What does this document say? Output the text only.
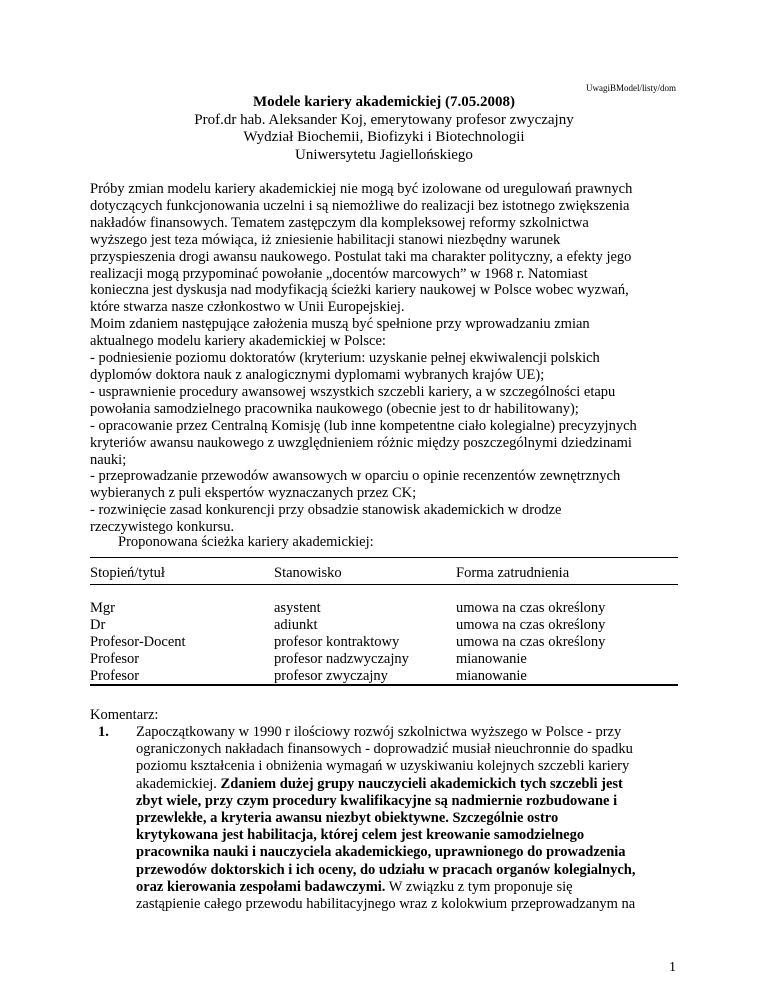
UwagiBModel/listy/dom
Modele kariery akademickiej (7.05.2008)
Prof.dr hab. Aleksander Koj, emerytowany profesor zwyczajny
Wydział Biochemii, Biofizyki i Biotechnologii
Uniwersytetu Jagiellońskiego

Próby zmian modelu kariery akademickiej nie mogą być izolowane od uregulowań prawnych

dotyczących funkcjonowania uczelni i są niemożliwe do realizacji bez istotnego zwiększenia

nakładów finansowych. Tematem zastępczym dla kompleksowej reformy szkolnictwa

wyższego jest teza mówiąca, iż zniesienie habilitacji stanowi niezbędny warunek

przyspieszenia drogi awansu naukowego. Postulat taki ma charakter polityczny, a efekty jego

realizacji mogą przypominać powołanie „docentów marcowych” w 1968 r. Natomiast

konieczna jest dyskusja nad modyfikacją ścieżki kariery naukowej w Polsce wobec wyzwań,

które stwarza nasze członkostwo w Unii Europejskiej.

Moim zdaniem następujące założenia muszą być spełnione przy wprowadzaniu zmian

aktualnego modelu kariery akademickiej w Polsce:

- podniesienie poziomu doktoratów (kryterium: uzyskanie pełnej ekwiwalencji polskich

dyplomów doktora nauk z analogicznymi dyplomami wybranych krajów UE);

- usprawnienie procedury awansowej wszystkich szczebli kariery, a w szczególności etapu

powołania samodzielnego pracownika naukowego (obecnie jest to dr habilitowany);

- opracowanie przez Centralną Komisję (lub inne kompetentne ciało kolegialne) precyzyjnych

kryteriów awansu naukowego z uwzględnieniem różnic między poszczególnymi dziedzinami

nauki;

- przeprowadzanie przewodów awansowych w oparciu o opinie recenzentów zewnętrznych

wybieranych z puli ekspertów wyznaczanych przez CK;

- rozwinięcie zasad konkurencji przy obsadzie stanowisk akademickich w drodze

rzeczywistego konkursu.

Proponowana ścieżka kariery akademickiej:
Stopień/tytuł	Stanowisko	Forma zatrudnienia
Mgr	asystent	umowa na czas określony
Dr	adiunkt	umowa na czas określony
Profesor-Docent	profesor kontraktowy	umowa na czas określony
Profesor	profesor nadzwyczajny	mianowanie
Profesor	profesor zwyczajny	mianowanie
Komentarz:
1. Zapoczątkowany w 1990 r ilościowy rozwój szkolnictwa wyższego w Polsce - przy
ograniczonych nakładach finansowych - doprowadzić musiał nieuchronnie do spadku
poziomu kształcenia i obniżenia wymagań w uzyskiwaniu kolejnych szczebli kariery
akademickiej. Zdaniem dużej grupy nauczycieli akademickich tych szczebli jest
zbyt wiele, przy czym procedury kwalifikacyjne są nadmiernie rozbudowane i
przewlekłe, a kryteria awansu niezbyt obiektywne. Szczególnie ostro
krytykowana jest habilitacja, której celem jest kreowanie samodzielnego
pracownika nauki i nauczyciela akademickiego, uprawnionego do prowadzenia
przewodów doktorskich i ich oceny, do udziału w pracach organów kolegialnych,
oraz kierowania zespołami badawczymi. W związku z tym proponuje się
zastąpienie całego przewodu habilitacyjnego wraz z kolokwium przeprowadzanym na
1
